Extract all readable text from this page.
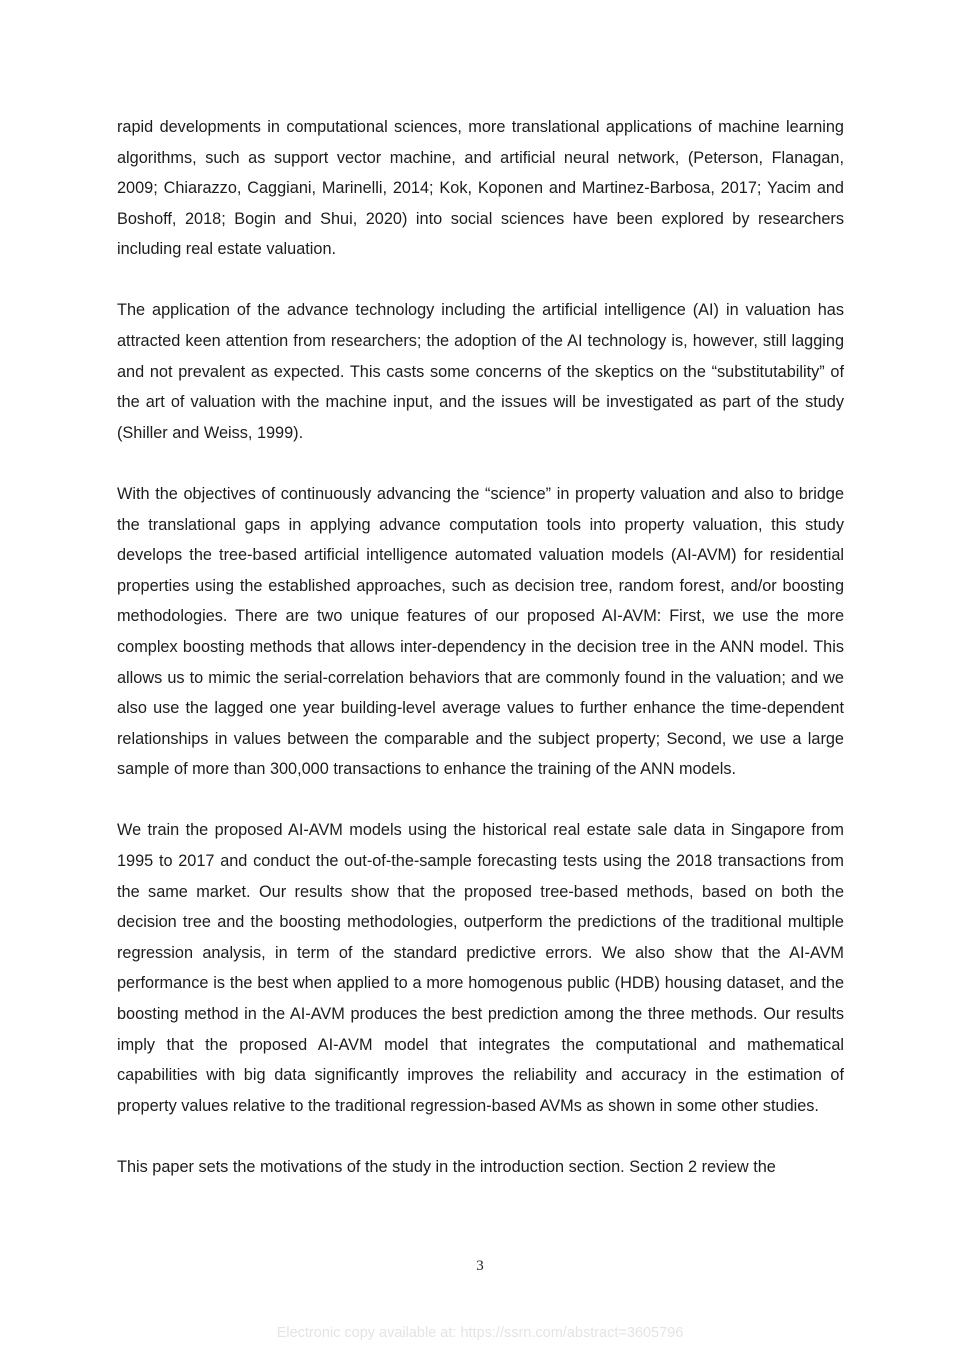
rapid developments in computational sciences, more translational applications of machine learning algorithms, such as support vector machine, and artificial neural network, (Peterson, Flanagan, 2009; Chiarazzo, Caggiani, Marinelli, 2014; Kok, Koponen and Martinez-Barbosa, 2017; Yacim and Boshoff, 2018; Bogin and Shui, 2020) into social sciences have been explored by researchers including real estate valuation.

The application of the advance technology including the artificial intelligence (AI) in valuation has attracted keen attention from researchers; the adoption of the AI technology is, however, still lagging and not prevalent as expected. This casts some concerns of the skeptics on the “substitutability” of the art of valuation with the machine input, and the issues will be investigated as part of the study (Shiller and Weiss, 1999).

With the objectives of continuously advancing the “science” in property valuation and also to bridge the translational gaps in applying advance computation tools into property valuation, this study develops the tree-based artificial intelligence automated valuation models (AI-AVM) for residential properties using the established approaches, such as decision tree, random forest, and/or boosting methodologies. There are two unique features of our proposed AI-AVM: First, we use the more complex boosting methods that allows inter-dependency in the decision tree in the ANN model. This allows us to mimic the serial-correlation behaviors that are commonly found in the valuation; and we also use the lagged one year building-level average values to further enhance the time-dependent relationships in values between the comparable and the subject property; Second, we use a large sample of more than 300,000 transactions to enhance the training of the ANN models.

We train the proposed AI-AVM models using the historical real estate sale data in Singapore from 1995 to 2017 and conduct the out-of-the-sample forecasting tests using the 2018 transactions from the same market. Our results show that the proposed tree-based methods, based on both the decision tree and the boosting methodologies, outperform the predictions of the traditional multiple regression analysis, in term of the standard predictive errors. We also show that the AI-AVM performance is the best when applied to a more homogenous public (HDB) housing dataset, and the boosting method in the AI-AVM produces the best prediction among the three methods. Our results imply that the proposed AI-AVM model that integrates the computational and mathematical capabilities with big data significantly improves the reliability and accuracy in the estimation of property values relative to the traditional regression-based AVMs as shown in some other studies.

This paper sets the motivations of the study in the introduction section. Section 2 review the

3
Electronic copy available at: https://ssrn.com/abstract=3605796
